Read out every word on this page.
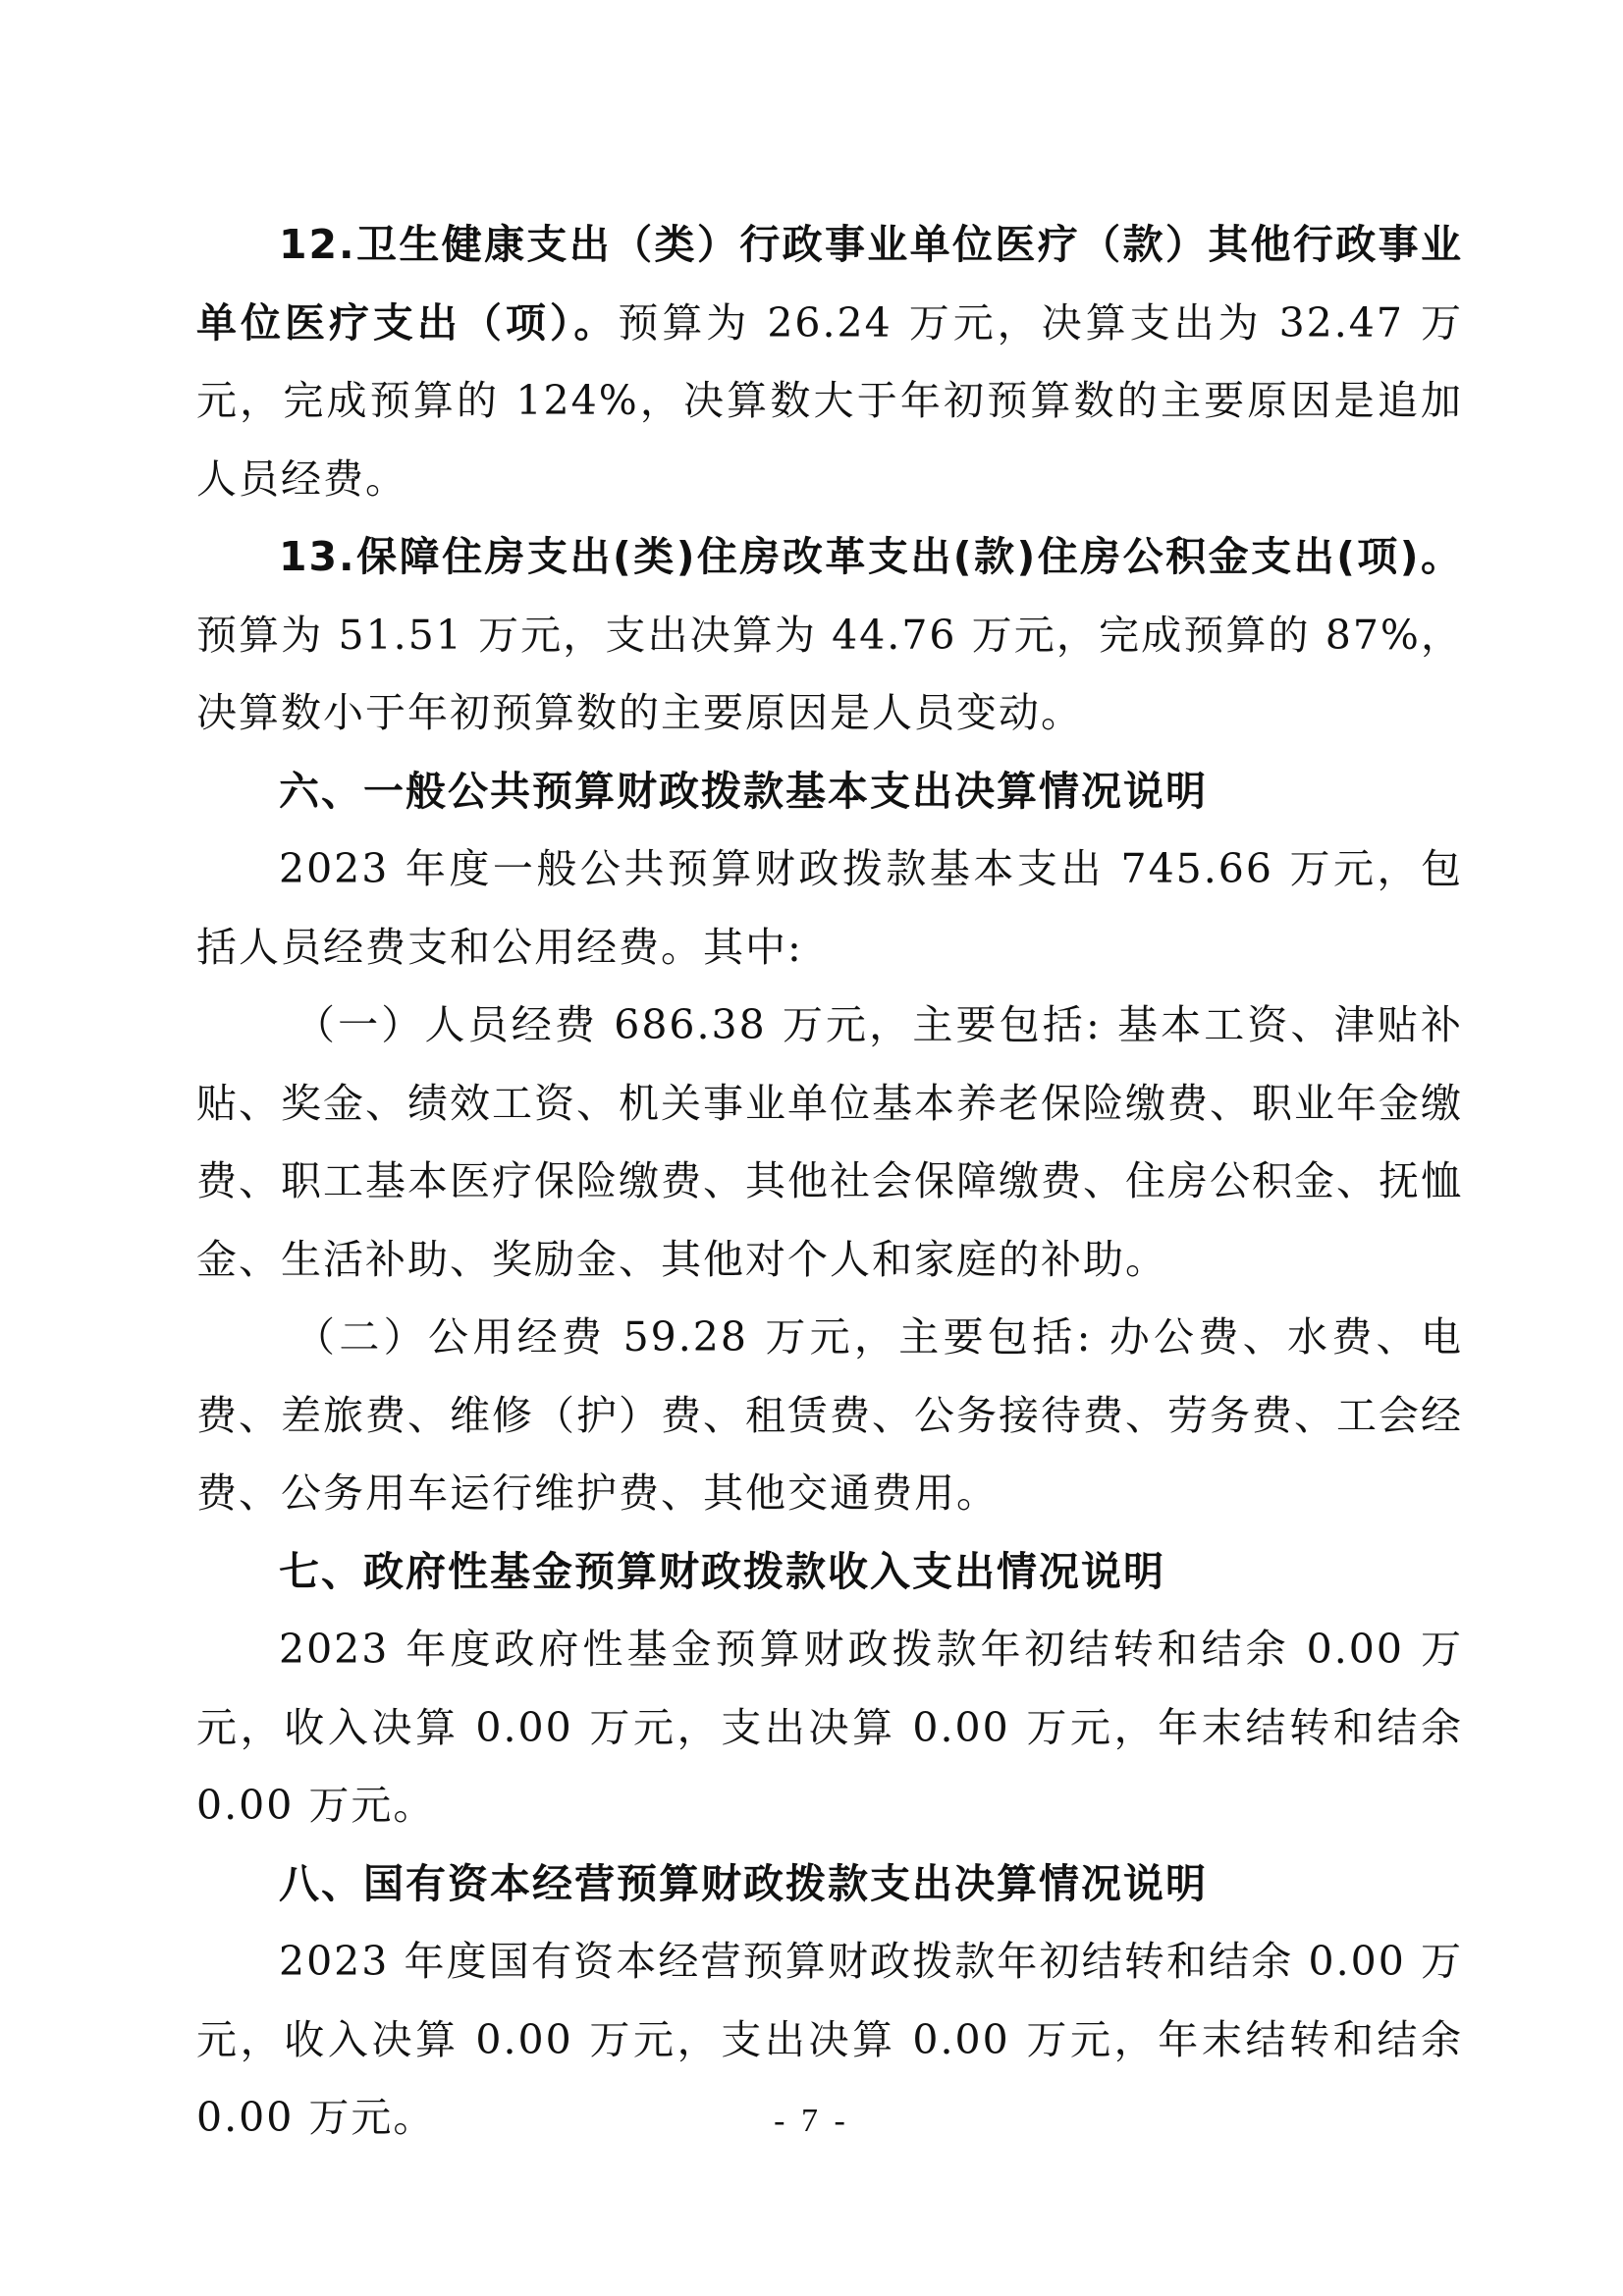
12.卫生健康支出（类）行政事业单位医疗（款）其他行政事业单位医疗支出（项）。预算为 26.24 万元，决算支出为 32.47 万元，完成预算的 124%，决算数大于年初预算数的主要原因是追加人员经费。

13.保障住房支出(类)住房改革支出(款)住房公积金支出(项)。预算为 51.51 万元，支出决算为 44.76 万元，完成预算的 87%，决算数小于年初预算数的主要原因是人员变动。

六、一般公共预算财政拨款基本支出决算情况说明

2023 年度一般公共预算财政拨款基本支出 745.66 万元，包括人员经费支和公用经费。其中:

（一）人员经费 686.38 万元，主要包括: 基本工资、津贴补贴、奖金、绩效工资、机关事业单位基本养老保险缴费、职业年金缴费、职工基本医疗保险缴费、其他社会保障缴费、住房公积金、抚恤金、生活补助、奖励金、其他对个人和家庭的补助。

（二）公用经费 59.28 万元，主要包括: 办公费、水费、电费、差旅费、维修（护）费、租赁费、公务接待费、劳务费、工会经费、公务用车运行维护费、其他交通费用。

七、政府性基金预算财政拨款收入支出情况说明

2023 年度政府性基金预算财政拨款年初结转和结余 0.00 万元，收入决算 0.00 万元，支出决算 0.00 万元，年末结转和结余 0.00 万元。

八、国有资本经营预算财政拨款支出决算情况说明

2023 年度国有资本经营预算财政拨款年初结转和结余 0.00 万元，收入决算 0.00 万元，支出决算 0.00 万元，年末结转和结余 0.00 万元。	- 7 -
